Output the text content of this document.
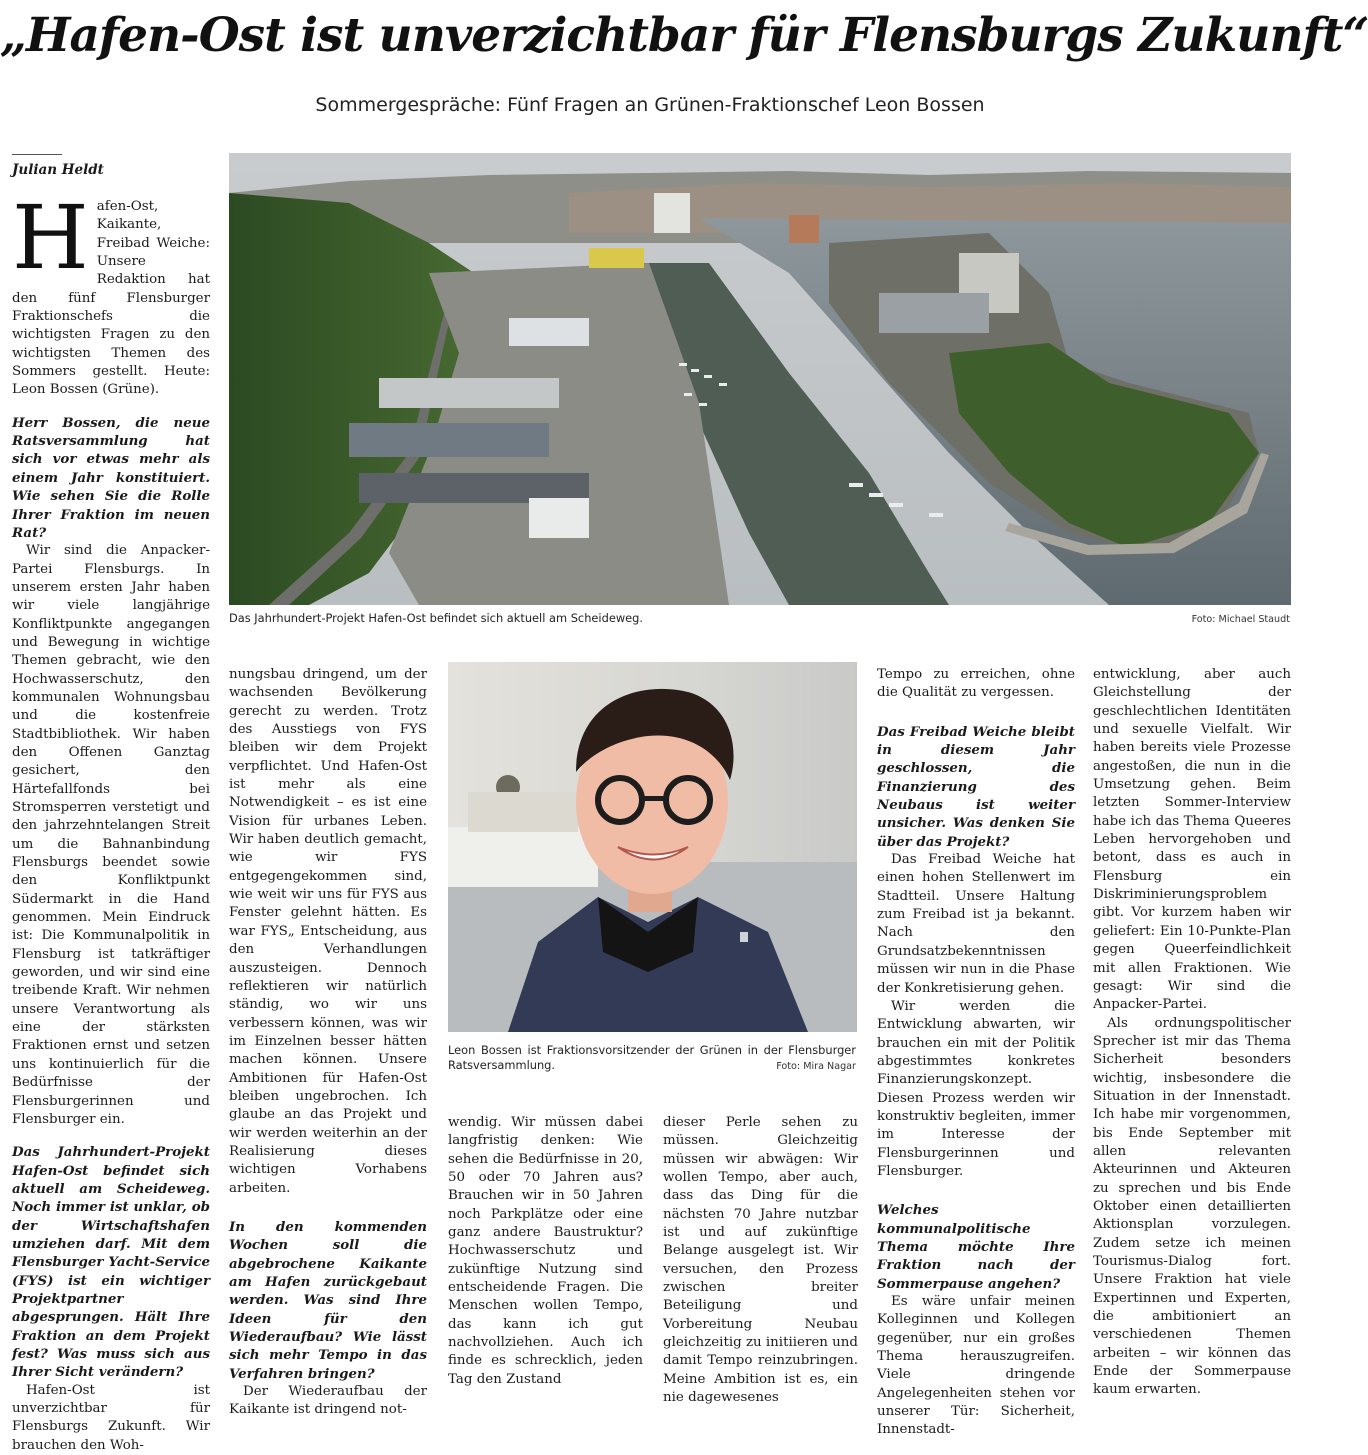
„Hafen-Ost ist unverzichtbar für Flensburgs Zukunft“

Sommergespräche: Fünf Fragen an Grünen-Fraktionschef Leon Bossen

Julian Heldt
Das Jahrhundert-Projekt Hafen-Ost befindet sich aktuell am Scheideweg.	Foto: Michael Staudt
Leon Bossen ist Fraktionsvorsitzender der Grünen in der Flensburger Ratsversammlung.	Foto: Mira Nagar

Hafen-Ost, Kaikante, Freibad Weiche: Unsere Redaktion hat den fünf Flensburger Fraktionschefs die wichtigsten Fragen zu den wichtigsten Themen des Sommers gestellt. Heute: Leon Bossen (Grüne).

Herr Bossen, die neue Ratsversammlung hat sich vor etwas mehr als einem Jahr konstituiert. Wie sehen Sie die Rolle Ihrer Fraktion im neuen Rat?

Wir sind die Anpacker-Partei Flensburgs. In unserem ersten Jahr haben wir viele langjährige Konfliktpunkte angegangen und Bewegung in wichtige Themen gebracht, wie den Hochwasserschutz, den kommunalen Wohnungsbau und die kostenfreie Stadtbibliothek. Wir haben den Offenen Ganztag gesichert, den Härtefallfonds bei Stromsperren verstetigt und den jahrzehntelangen Streit um die Bahnanbindung Flensburgs beendet sowie den Konfliktpunkt Südermarkt in die Hand genommen. Mein Eindruck ist: Die Kommunalpolitik in Flensburg ist tatkräftiger geworden, und wir sind eine treibende Kraft. Wir nehmen unsere Verantwortung als eine der stärksten Fraktionen ernst und setzen uns kontinuierlich für die Bedürfnisse der Flensburgerinnen und Flensburger ein.

Das Jahrhundert-Projekt Hafen-Ost befindet sich aktuell am Scheideweg. Noch immer ist unklar, ob der Wirtschaftshafen umziehen darf. Mit dem Flensburger Yacht-Service (FYS) ist ein wichtiger Projektpartner abgesprungen. Hält Ihre Fraktion an dem Projekt fest? Was muss sich aus Ihrer Sicht verändern?

Hafen-Ost ist unverzichtbar für Flensburgs Zukunft. Wir brauchen den Woh-

nungsbau dringend, um der wachsenden Bevölkerung gerecht zu werden. Trotz des Ausstiegs von FYS bleiben wir dem Projekt verpflichtet. Und Hafen-Ost ist mehr als eine Notwendigkeit – es ist eine Vision für urbanes Leben. Wir haben deutlich gemacht, wie wir FYS entgegengekommen sind, wie weit wir uns für FYS aus Fenster gelehnt hätten. Es war FYS„ Entscheidung, aus den Verhandlungen auszusteigen. Dennoch reflektieren wir natürlich ständig, wo wir uns verbessern können, was wir im Einzelnen besser hätten machen können. Unsere Ambitionen für Hafen-Ost bleiben ungebrochen. Ich glaube an das Projekt und wir werden weiterhin an der Realisierung dieses wichtigen Vorhabens arbeiten.

In den kommenden Wochen soll die abgebrochene Kaikante am Hafen zurückgebaut werden. Was sind Ihre Ideen für den Wiederaufbau? Wie lässt sich mehr Tempo in das Verfahren bringen?

Der Wiederaufbau der Kaikante ist dringend not-

wendig. Wir müssen dabei langfristig denken: Wie sehen die Bedürfnisse in 20, 50 oder 70 Jahren aus? Brauchen wir in 50 Jahren noch Parkplätze oder eine ganz andere Baustruktur? Hochwasserschutz und zukünftige Nutzung sind entscheidende Fragen. Die Menschen wollen Tempo, das kann ich gut nachvollziehen. Auch ich finde es schrecklich, jeden Tag den Zustand

dieser Perle sehen zu müssen. Gleichzeitig müssen wir abwägen: Wir wollen Tempo, aber auch, dass das Ding für die nächsten 70 Jahre nutzbar ist und auf zukünftige Belange ausgelegt ist. Wir versuchen, den Prozess zwischen breiter Beteiligung und Vorbereitung Neubau gleichzeitig zu initiieren und damit Tempo reinzubringen. Meine Ambition ist es, ein nie dagewesenes

Tempo zu erreichen, ohne die Qualität zu vergessen.

Das Freibad Weiche bleibt in diesem Jahr geschlossen, die Finanzierung des Neubaus ist weiter unsicher. Was denken Sie über das Projekt?

Das Freibad Weiche hat einen hohen Stellenwert im Stadtteil. Unsere Haltung zum Freibad ist ja bekannt. Nach den Grundsatzbekenntnissen müssen wir nun in die Phase der Konkretisierung gehen.

Wir werden die Entwicklung abwarten, wir brauchen ein mit der Politik abgestimmtes konkretes Finanzierungskonzept. Diesen Prozess werden wir konstruktiv begleiten, immer im Interesse der Flensburgerinnen und Flensburger.

Welches kommunalpolitische Thema möchte Ihre Fraktion nach der Sommerpause angehen?

Es wäre unfair meinen Kolleginnen und Kollegen gegenüber, nur ein großes Thema herauszugreifen. Viele dringende Angelegenheiten stehen vor unserer Tür: Sicherheit, Innenstadt-

entwicklung, aber auch Gleichstellung der geschlechtlichen Identitäten und sexuelle Vielfalt. Wir haben bereits viele Prozesse angestoßen, die nun in die Umsetzung gehen. Beim letzten Sommer-Interview habe ich das Thema Queeres Leben hervorgehoben und betont, dass es auch in Flensburg ein Diskriminierungsproblem gibt. Vor kurzem haben wir geliefert: Ein 10-Punkte-Plan gegen Queerfeindlichkeit mit allen Fraktionen. Wie gesagt: Wir sind die Anpacker-Partei.

Als ordnungspolitischer Sprecher ist mir das Thema Sicherheit besonders wichtig, insbesondere die Situation in der Innenstadt. Ich habe mir vorgenommen, bis Ende September mit allen relevanten Akteurinnen und Akteuren zu sprechen und bis Ende Oktober einen detaillierten Aktionsplan vorzulegen. Zudem setze ich meinen Tourismus-Dialog fort. Unsere Fraktion hat viele Expertinnen und Experten, die ambitioniert an verschiedenen Themen arbeiten – wir können das Ende der Sommerpause kaum erwarten.
